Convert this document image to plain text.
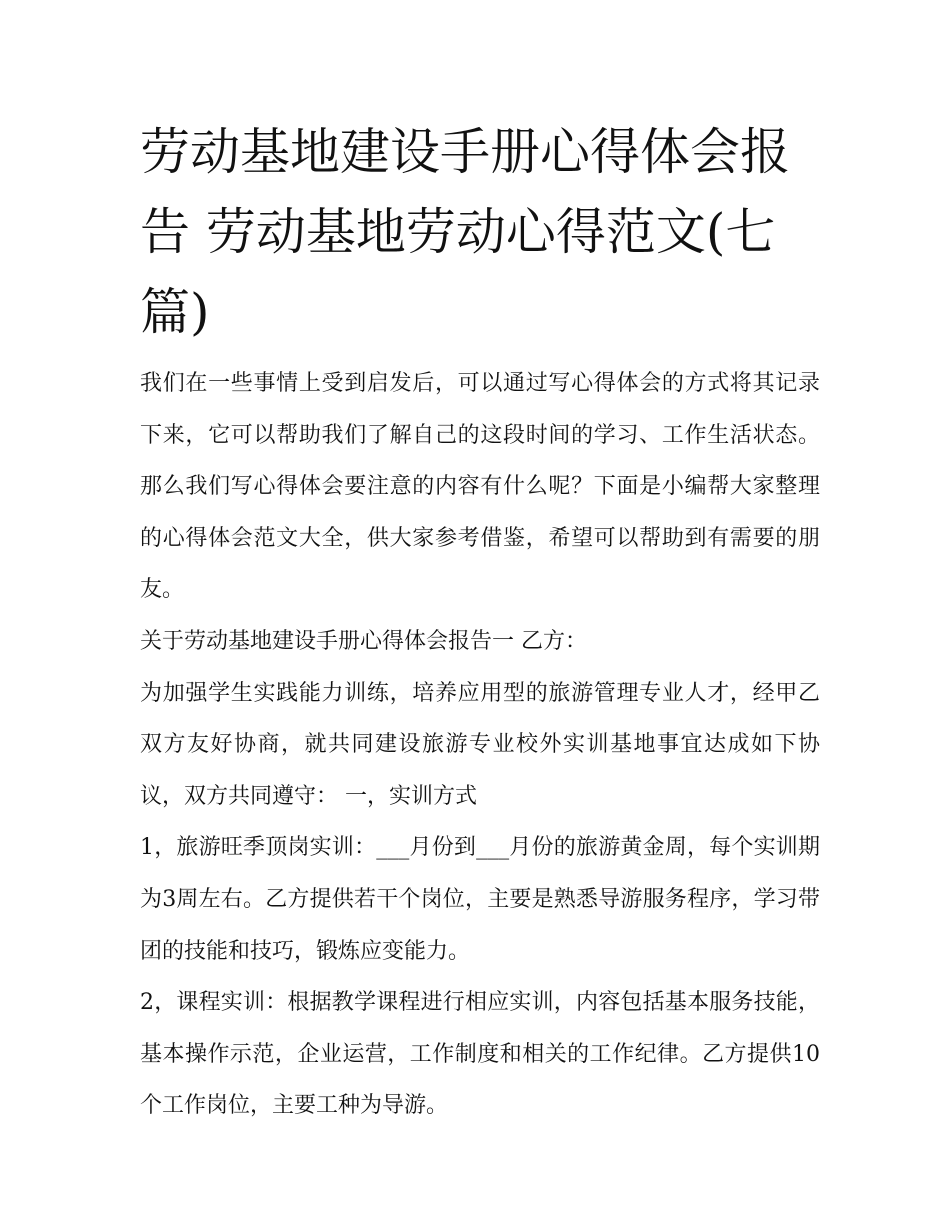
劳动基地建设手册心得体会报告 劳动基地劳动心得范文(七篇)

我们在一些事情上受到启发后，可以通过写心得体会的方式将其记录下来，它可以帮助我们了解自己的这段时间的学习、工作生活状态。那么我们写心得体会要注意的内容有什么呢？下面是小编帮大家整理的心得体会范文大全，供大家参考借鉴，希望可以帮助到有需要的朋友。

关于劳动基地建设手册心得体会报告一 乙方：

为加强学生实践能力训练，培养应用型的旅游管理专业人才，经甲乙双方友好协商，就共同建设旅游专业校外实训基地事宜达成如下协议，双方共同遵守： 一，实训方式

1，旅游旺季顶岗实训：___月份到___月份的旅游黄金周，每个实训期为3周左右。乙方提供若干个岗位，主要是熟悉导游服务程序，学习带团的技能和技巧，锻炼应变能力。

2，课程实训：根据教学课程进行相应实训，内容包括基本服务技能，基本操作示范，企业运营，工作制度和相关的工作纪律。乙方提供10个工作岗位，主要工种为导游。
